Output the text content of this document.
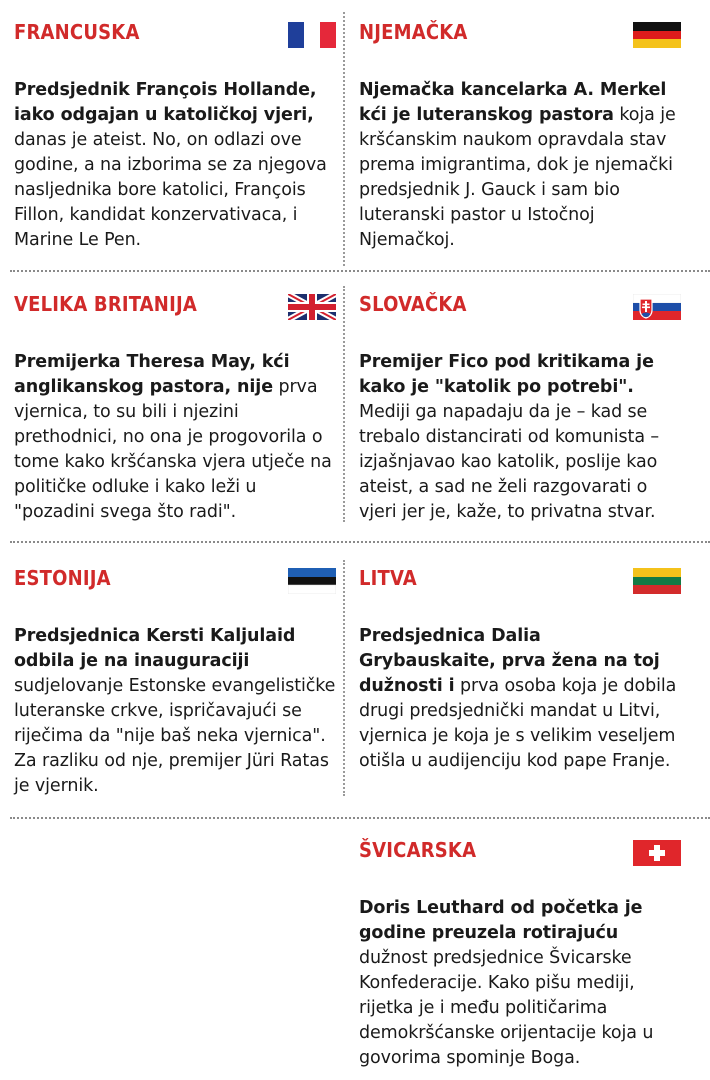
FRANCUSKA
Predsjednik François Hollande, iako odgajan u katoličkoj vjeri, danas je ateist. No, on odlazi ove godine, a na izborima se za njegova nasljednika bore katolici, François Fillon, kandidat konzervativaca, i Marine Le Pen.
NJEMAČKA
Njemačka kancelarka A. Merkel kći je luteranskog pastora koja je kršćanskim naukom opravdala stav prema imigrantima, dok je njemački predsjednik J. Gauck i sam bio luteranski pastor u Istočnoj Njemačkoj.
VELIKA BRITANIJA
Premijerka Theresa May, kći anglikanskog pastora, nije prva vjernica, to su bili i njezini prethodnici, no ona je progovorila o tome kako kršćanska vjera utječe na političke odluke i kako leži u "pozadini svega što radi".
SLOVAČKA
Premijer Fico pod kritikama je kako je "katolik po potrebi". Mediji ga napadaju da je – kad se trebalo distancirati od komunista – izjašnjavao kao katolik, poslije kao ateist, a sad ne želi razgovarati o vjeri jer je, kaže, to privatna stvar.
ESTONIJA
Predsjednica Kersti Kaljulaid odbila je na inauguraciji sudjelovanje Estonske evangelističke luteranske crkve, ispričavajući se riječima da "nije baš neka vjernica". Za razliku od nje, premijer Jüri Ratas je vjernik.
LITVA
Predsjednica Dalia Grybauskaite, prva žena na toj dužnosti i prva osoba koja je dobila drugi predsjednički mandat u Litvi, vjernica je koja je s velikim veseljem otišla u audijenciju kod pape Franje.
ŠVICARSKA
Doris Leuthard od početka je godine preuzela rotirajuću dužnost predsjednice Švicarske Konfederacije. Kako pišu mediji, rijetka je i među političarima demokršćanske orijentacije koja u govorima spominje Boga.
